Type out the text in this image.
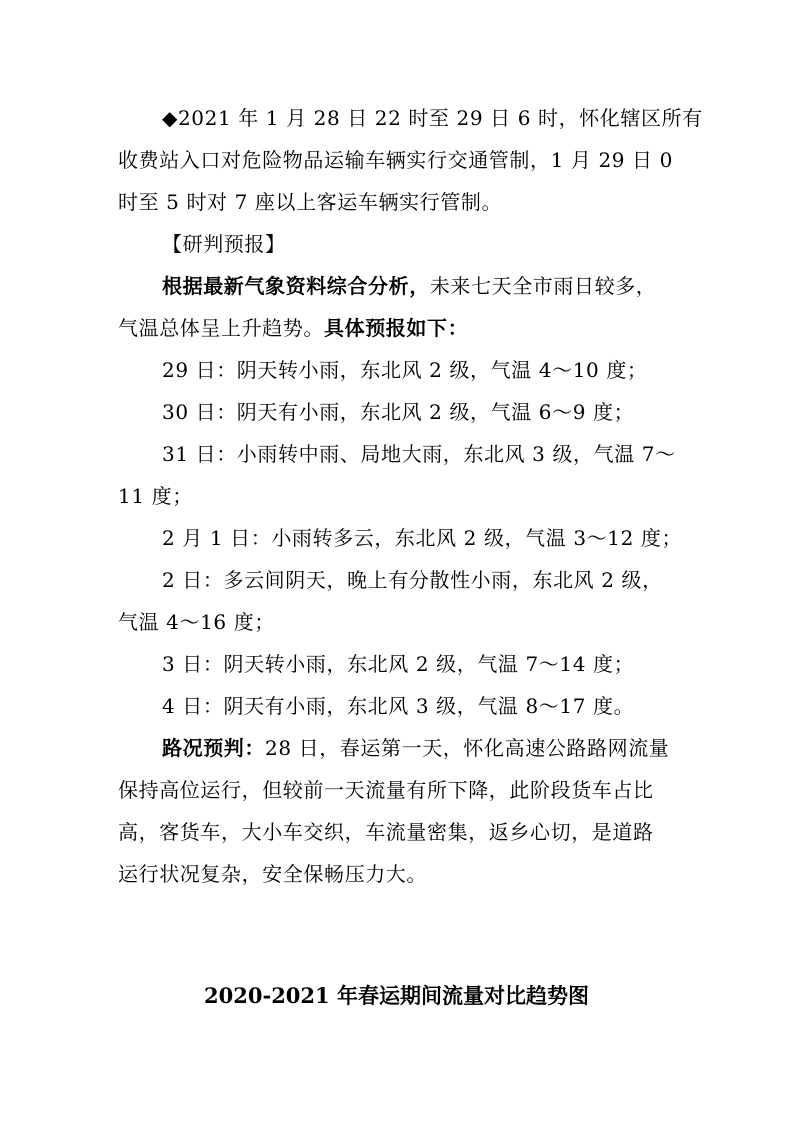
◆2021 年 1 月 28 日 22 时至 29 日 6 时，怀化辖区所有
收费站入口对危险物品运输车辆实行交通管制，1 月 29 日 0
时至 5 时对 7 座以上客运车辆实行管制。
【研判预报】
根据最新气象资料综合分析，未来七天全市雨日较多，
气温总体呈上升趋势。具体预报如下：
29 日：阴天转小雨，东北风 2 级，气温 4～10 度；
30 日：阴天有小雨，东北风 2 级，气温 6～9 度；
31 日：小雨转中雨、局地大雨，东北风 3 级，气温 7～
11 度；
2 月 1 日：小雨转多云，东北风 2 级，气温 3～12 度；
2 日：多云间阴天，晚上有分散性小雨，东北风 2 级，
气温 4～16 度；
3 日：阴天转小雨，东北风 2 级，气温 7～14 度；
4 日：阴天有小雨，东北风 3 级，气温 8～17 度。
路况预判：28 日，春运第一天，怀化高速公路路网流量
保持高位运行，但较前一天流量有所下降，此阶段货车占比
高，客货车，大小车交织，车流量密集，返乡心切，是道路
运行状况复杂，安全保畅压力大。
2020-2021 年春运期间流量对比趋势图
